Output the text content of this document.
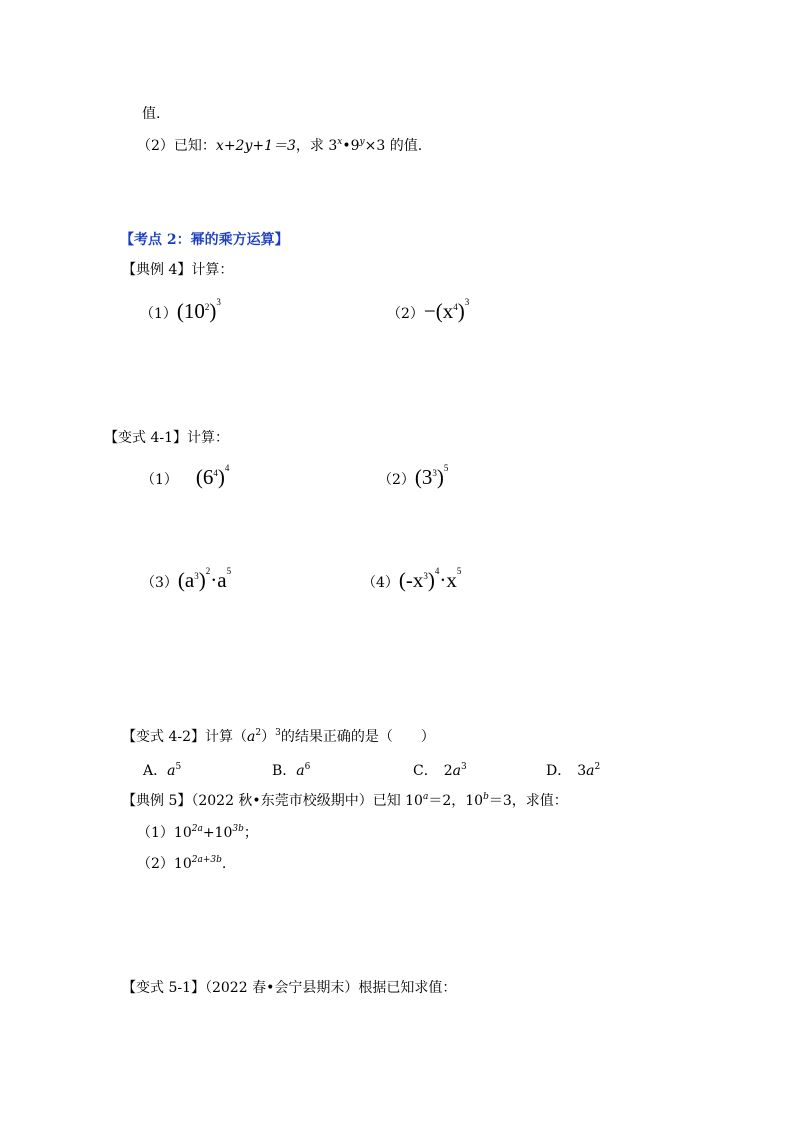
值.
（2）已知：x+2y+1＝3，求 $3^x•9^y\times 3$ 的值.
【考点 2：幂的乘方运算】
【典例 4】计算：
$(1)(10^2)^3$
$(2)-(x^4)^3$
【变式 4-1】计算：
（1） $(6^4)^4$
$(2)(3^3)^5$
$(3)(a^3)^2\cdot a^5$
$(4)(-x^3)^4\cdot x^5$
【变式 4-2】计算$(a^2)^3$的结果正确的是（　　）
A．$a^5$	B．$a^6$	C． $2a^3$	D． $3a^2$
【典例 5】（2022 秋•东莞市校级期中）已知 $10^a=2$，$10^b=3$，求值：
$(1)10^{2a}+10^{3b}$；
$(2)10^{2a+3b}$.
【变式 5-1】（2022 春•会宁县期末）根据已知求值：
